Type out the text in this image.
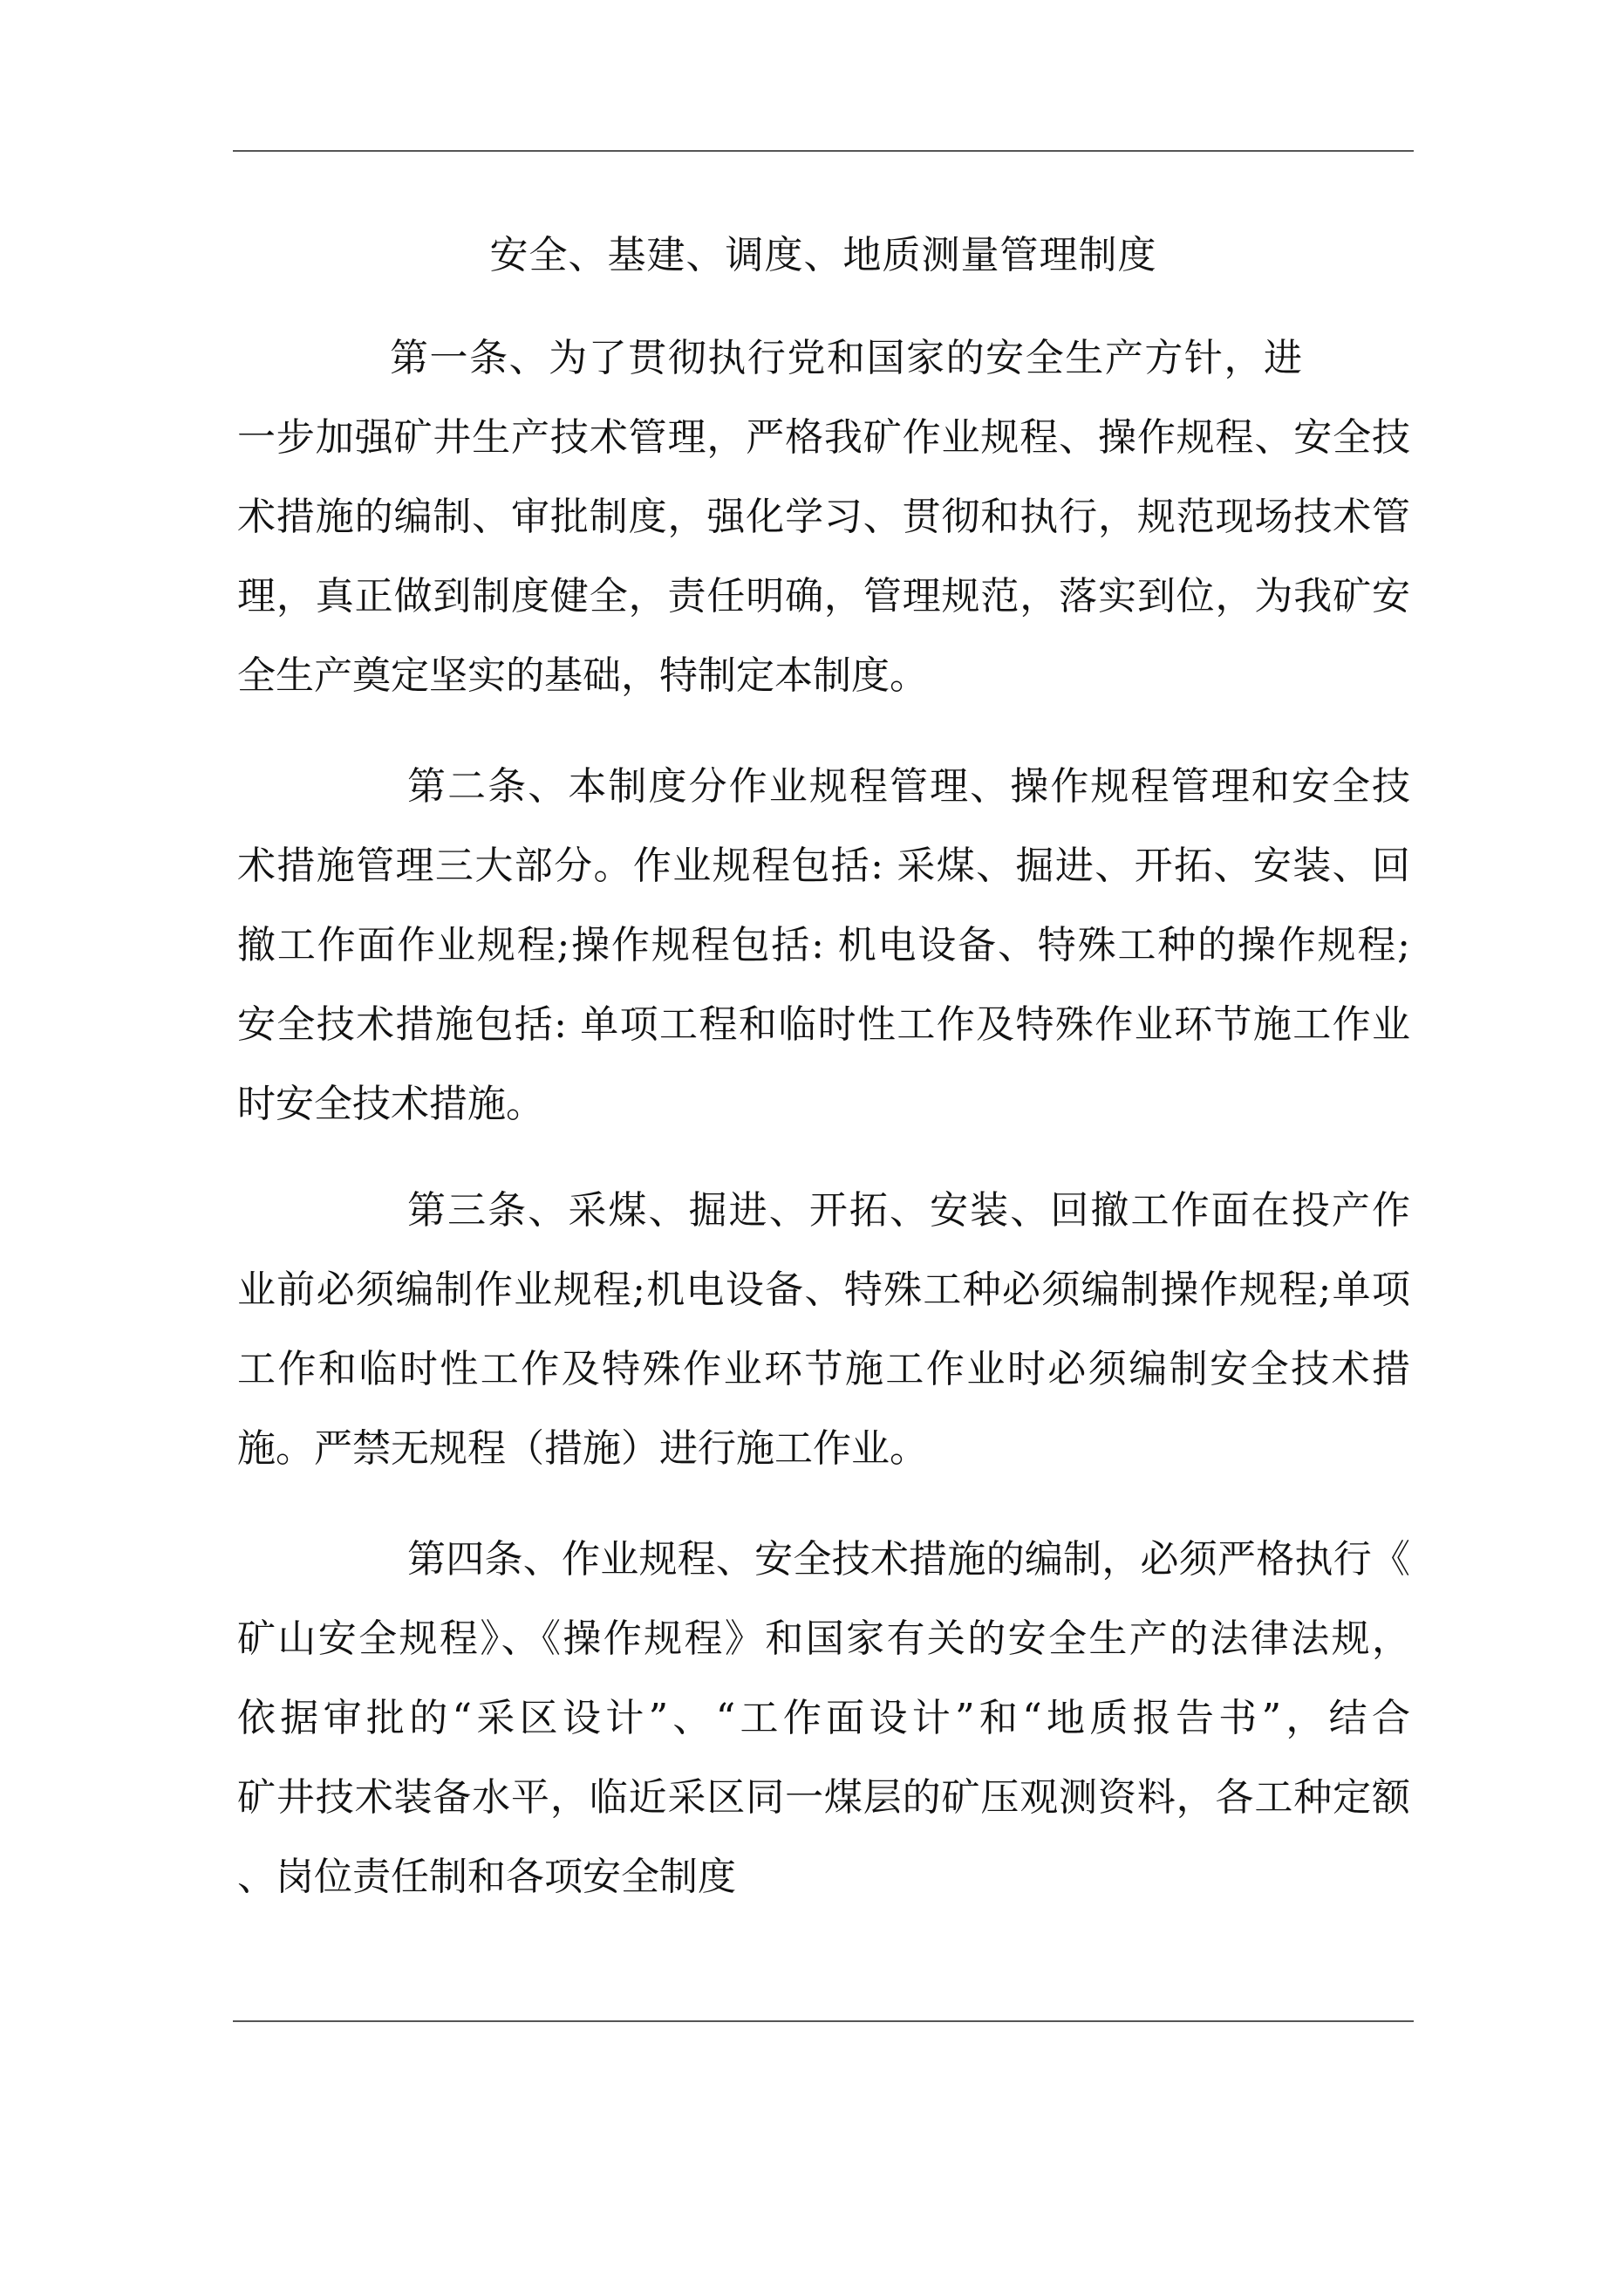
安全、基建、调度、地质测量管理制度

第一条、为了贯彻执行党和国家的安全生产方针，进

一步加强矿井生产技术管理，严格我矿作业规程、操作规程、安全技

术措施的编制、审批制度，强化学习、贯彻和执行，规范现场技术管

理，真正做到制度健全，责任明确，管理规范，落实到位，为我矿安

全生产奠定坚实的基础，特制定本制度。

第二条、本制度分作业规程管理、操作规程管理和安全技

术措施管理三大部分。作业规程包括: 采煤、掘进、开拓、安装、回

撤工作面作业规程;操作规程包括: 机电设备、特殊工种的操作规程;

安全技术措施包括: 单项工程和临时性工作及特殊作业环节施工作业

时安全技术措施。

第三条、采煤、掘进、开拓、安装、回撤工作面在投产作

业前必须编制作业规程;机电设备、特殊工种必须编制操作规程;单项

工作和临时性工作及特殊作业环节施工作业时必须编制安全技术措

施。严禁无规程（措施）进行施工作业。

第四条、作业规程、安全技术措施的编制，必须严格执行《

矿山安全规程》、《操作规程》和国家有关的安全生产的法律法规，

依据审批的“采区设计”、“工作面设计”和“地质报告书”，结合

矿井技术装备水平，临近采区同一煤层的矿压观测资料，各工种定额

、岗位责任制和各项安全制度
